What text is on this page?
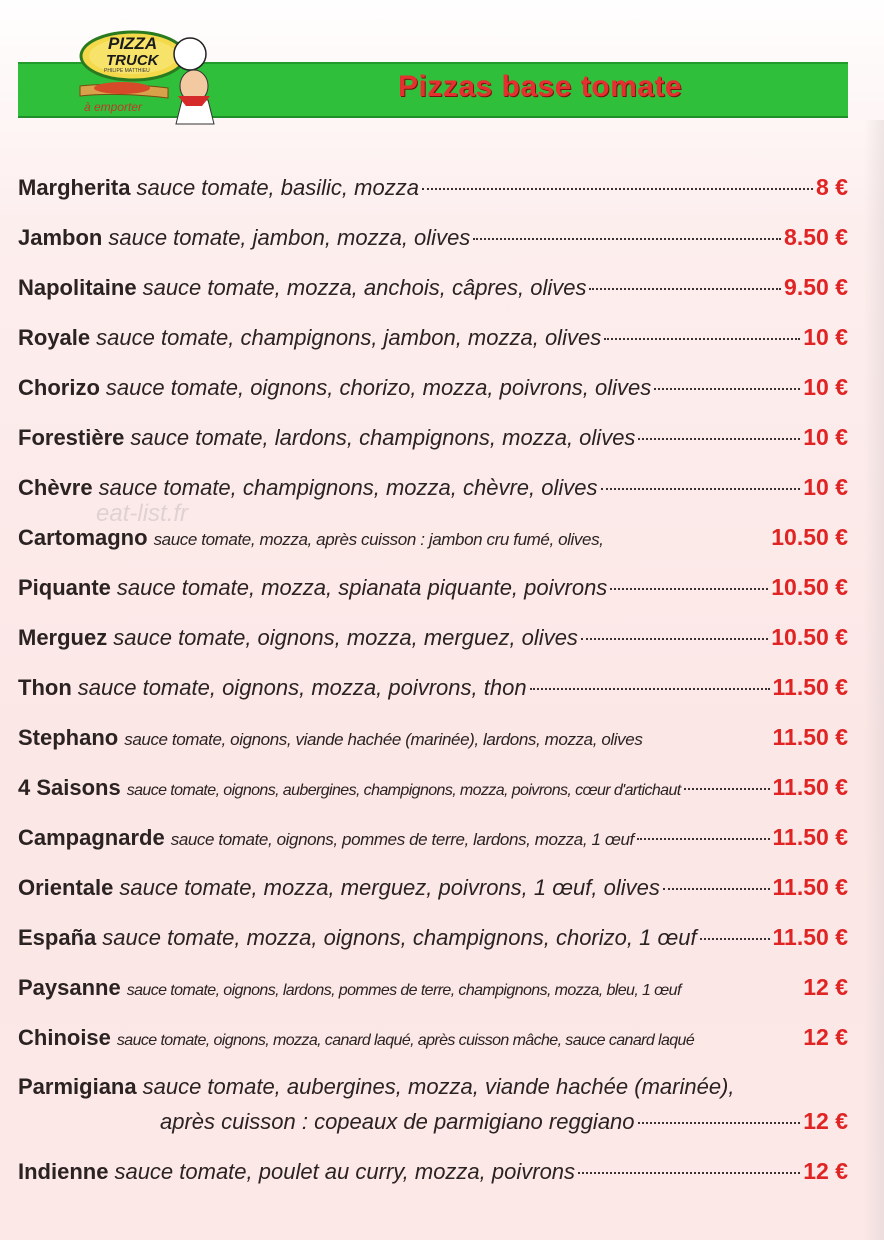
Pizzas base tomate
PIZZA
TRUCK
PHILIPE MATTHIEU
à emporter
Margherita sauce tomate, basilic, mozza	8 €
Jambon sauce tomate, jambon, mozza, olives	8.50 €
Napolitaine sauce tomate, mozza, anchois, câpres, olives	9.50 €
Royale sauce tomate, champignons, jambon, mozza, olives	10 €
Chorizo sauce tomate, oignons, chorizo, mozza, poivrons, olives	10 €
Forestière sauce tomate, lardons, champignons, mozza, olives	10 €
Chèvre sauce tomate, champignons, mozza, chèvre, olives	10 €
Cartomagno sauce tomate, mozza, après cuisson : jambon cru fumé, olives,	10.50 €
Piquante sauce tomate, mozza, spianata piquante, poivrons	10.50 €
Merguez sauce tomate, oignons, mozza, merguez, olives	10.50 €
Thon sauce tomate, oignons, mozza, poivrons, thon	11.50 €
Stephano sauce tomate, oignons, viande hachée (marinée), lardons, mozza, olives	11.50 €
4 Saisons sauce tomate, oignons, aubergines, champignons, mozza, poivrons, cœur d'artichaut	11.50 €
Campagnarde sauce tomate, oignons, pommes de terre, lardons, mozza, 1 œuf	11.50 €
Orientale sauce tomate, mozza, merguez, poivrons, 1 œuf, olives	11.50 €
España sauce tomate, mozza, oignons, champignons, chorizo, 1 œuf	11.50 €
Paysanne sauce tomate, oignons, lardons, pommes de terre, champignons, mozza, bleu, 1 œuf	12 €
Chinoise sauce tomate, oignons, mozza, canard laqué, après cuisson mâche, sauce canard laqué	12 €
Parmigiana sauce tomate, aubergines, mozza, viande hachée (marinée),
après cuisson : copeaux de parmigiano reggiano	12 €
Indienne sauce tomate, poulet au curry, mozza, poivrons	12 €
eat-list.fr
